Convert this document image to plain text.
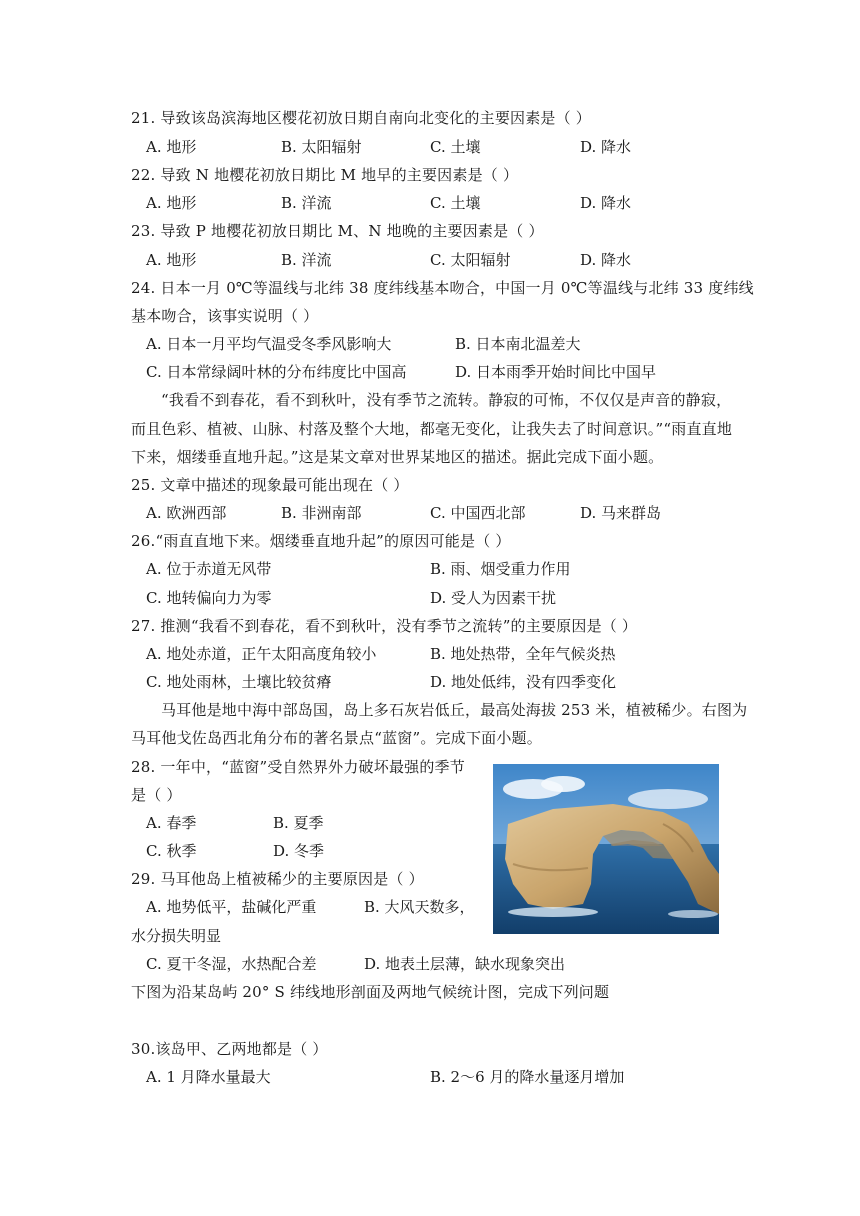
21. 导致该岛滨海地区樱花初放日期自南向北变化的主要因素是（ ）
A. 地形	B. 太阳辐射	C. 土壤	D. 降水
22. 导致 N 地樱花初放日期比 M 地早的主要因素是（ ）
A. 地形	B. 洋流	C. 土壤	D. 降水
23. 导致 P 地樱花初放日期比 M、N 地晚的主要因素是（ ）
A. 地形	B. 洋流	C. 太阳辐射	D. 降水
24. 日本一月 0℃等温线与北纬 38 度纬线基本吻合，中国一月 0℃等温线与北纬 33 度纬线
基本吻合，该事实说明（ ）
A. 日本一月平均气温受冬季风影响大	B. 日本南北温差大
C. 日本常绿阔叶林的分布纬度比中国高	D. 日本雨季开始时间比中国早
“我看不到春花，看不到秋叶，没有季节之流转。静寂的可怖，不仅仅是声音的静寂，
而且色彩、植被、山脉、村落及整个大地，都毫无变化，让我失去了时间意识。”“雨直直地
下来，烟缕垂直地升起。”这是某文章对世界某地区的描述。据此完成下面小题。
25. 文章中描述的现象最可能出现在（ ）
A. 欧洲西部	B. 非洲南部	C. 中国西北部	D. 马来群岛
26.“雨直直地下来。烟缕垂直地升起”的原因可能是（ ）
A. 位于赤道无风带	B. 雨、烟受重力作用
C. 地转偏向力为零	D. 受人为因素干扰
27. 推测“我看不到春花，看不到秋叶，没有季节之流转”的主要原因是（ ）
A. 地处赤道，正午太阳高度角较小	B. 地处热带，全年气候炎热
C. 地处雨林，土壤比较贫瘠	D. 地处低纬，没有四季变化
马耳他是地中海中部岛国，岛上多石灰岩低丘，最高处海拔 253 米，植被稀少。右图为
马耳他戈佐岛西北角分布的著名景点“蓝窗”。完成下面小题。
28. 一年中，“蓝窗”受自然界外力破坏最强的季节
是（ ）
A. 春季	B. 夏季
C. 秋季	D. 冬季
29. 马耳他岛上植被稀少的主要原因是（ ）
A. 地势低平，盐碱化严重	B. 大风天数多，
水分损失明显
C. 夏干冬湿，水热配合差	D. 地表土层薄，缺水现象突出
下图为沿某岛屿 20° S 纬线地形剖面及两地气候统计图，完成下列问题
30.该岛甲、乙两地都是（ ）
A. 1 月降水量最大	B. 2～6 月的降水量逐月增加
